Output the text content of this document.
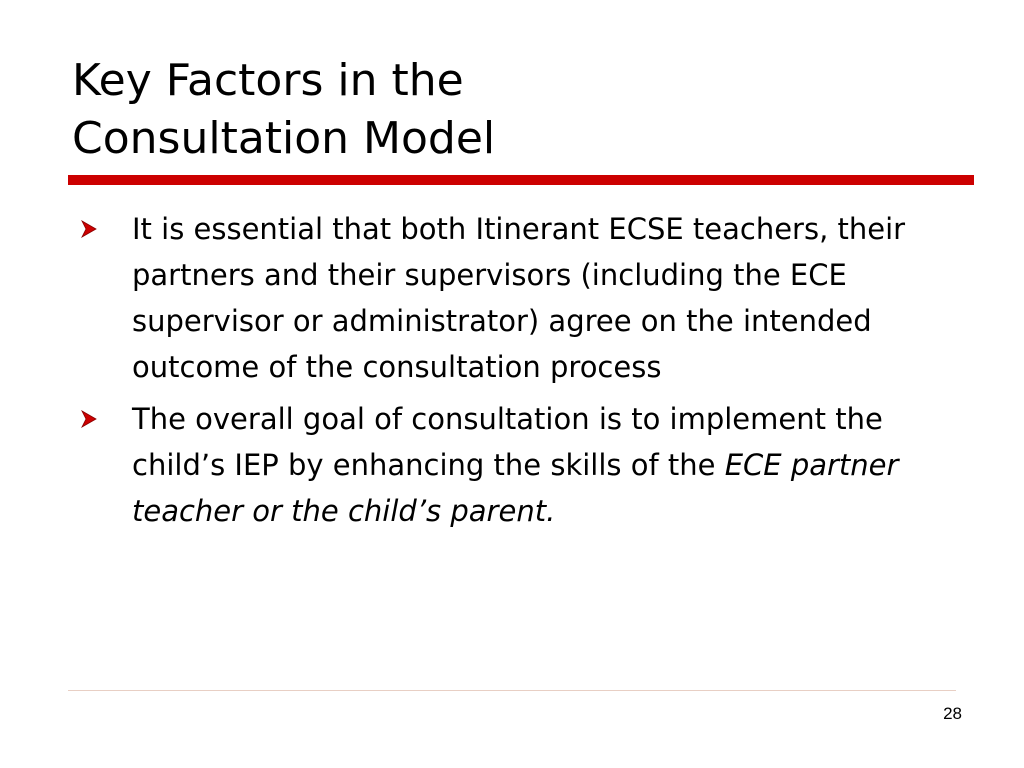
Key Factors in the
Consultation Model
It is essential that both Itinerant ECSE teachers, their partners and their supervisors (including the ECE supervisor or administrator) agree on the intended outcome of the consultation process
The overall goal of consultation is to implement the child’s IEP by enhancing the skills of the ECE partner teacher or the child’s parent.
28
